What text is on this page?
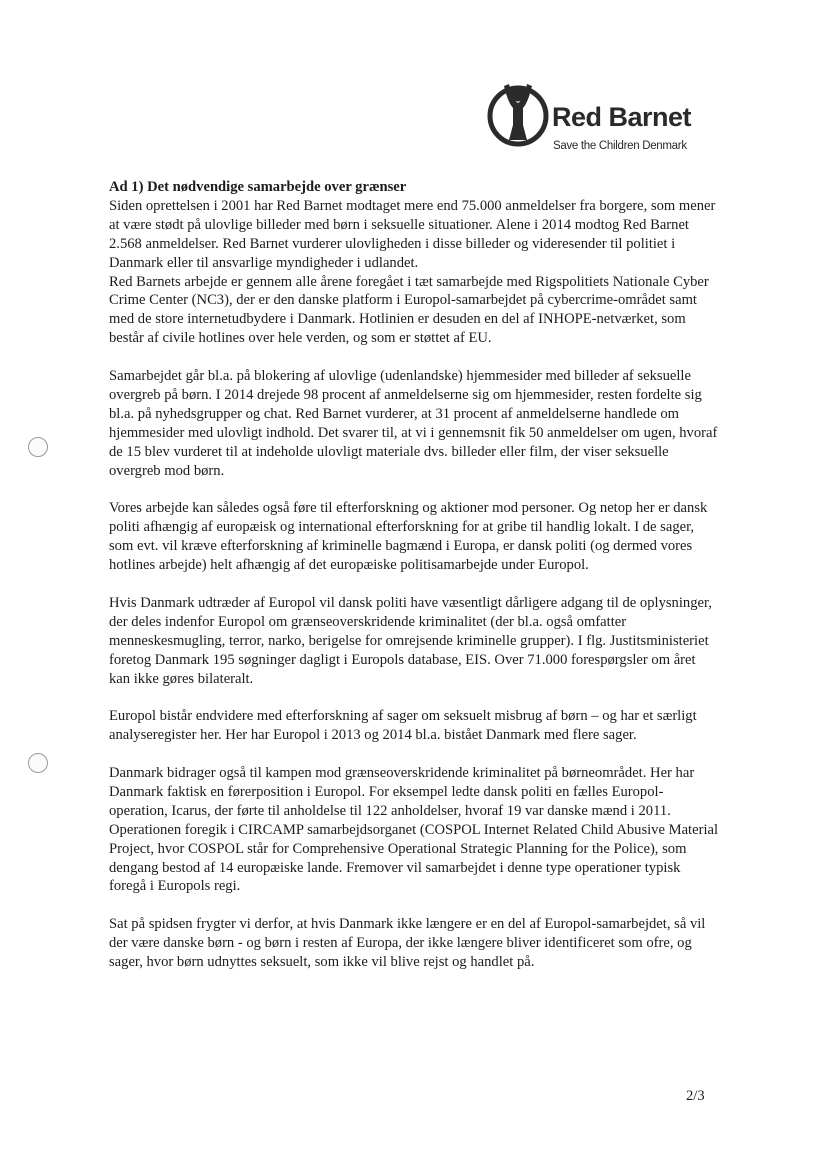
Red Barnet
Save the Children Denmark
Ad 1) Det nødvendige samarbejde over grænser

Siden oprettelsen i 2001 har Red Barnet modtaget mere end 75.000 anmeldelser fra borgere, som mener at være stødt på ulovlige billeder med børn i seksuelle situationer. Alene i 2014 modtog Red Barnet 2.568 anmeldelser. Red Barnet vurderer ulovligheden i disse billeder og videresender til politiet i Danmark eller til ansvarlige myndigheder i udlandet.

Red Barnets arbejde er gennem alle årene foregået i tæt samarbejde med Rigspolitiets Nationale Cyber Crime Center (NC3), der er den danske platform i Europol-samarbejdet på cybercrime-området samt med de store internetudbydere i Danmark. Hotlinien er desuden en del af INHOPE-netværket, som består af civile hotlines over hele verden, og som er støttet af EU.

Samarbejdet går bl.a. på blokering af ulovlige (udenlandske) hjemmesider med billeder af seksuelle overgreb på børn. I 2014 drejede 98 procent af anmeldelserne sig om hjemmesider, resten fordelte sig bl.a. på nyhedsgrupper og chat. Red Barnet vurderer, at 31 procent af anmeldelserne handlede om hjemmesider med ulovligt indhold. Det svarer til, at vi i gennemsnit fik 50 anmeldelser om ugen, hvoraf de 15 blev vurderet til at indeholde ulovligt materiale dvs. billeder eller film, der viser seksuelle overgreb mod børn.

Vores arbejde kan således også føre til efterforskning og aktioner mod personer. Og netop her er dansk politi afhængig af europæisk og international efterforskning for at gribe til handlig lokalt. I de sager, som evt. vil kræve efterforskning af kriminelle bagmænd i Europa, er dansk politi (og dermed vores hotlines arbejde) helt afhængig af det europæiske politisamarbejde under Europol.

Hvis Danmark udtræder af Europol vil dansk politi have væsentligt dårligere adgang til de oplysninger, der deles indenfor Europol om grænseoverskridende kriminalitet (der bl.a. også omfatter menneskesmugling, terror, narko, berigelse for omrejsende kriminelle grupper). I flg. Justitsministeriet foretog Danmark 195 søgninger dagligt i Europols database, EIS. Over 71.000 forespørgsler om året kan ikke gøres bilateralt.

Europol bistår endvidere med efterforskning af sager om seksuelt misbrug af børn – og har et særligt analyseregister her. Her har Europol i 2013 og 2014 bl.a. bistået Danmark med flere sager.

Danmark bidrager også til kampen mod grænseoverskridende kriminalitet på børneområdet. Her har Danmark faktisk en førerposition i Europol. For eksempel ledte dansk politi en fælles Europol-operation, Icarus, der førte til anholdelse til 122 anholdelser, hvoraf 19 var danske mænd i 2011. Operationen foregik i CIRCAMP samarbejdsorganet (COSPOL Internet Related Child Abusive Material Project, hvor COSPOL står for Comprehensive Operational Strategic Planning for the Police), som dengang bestod af 14 europæiske lande. Fremover vil samarbejdet i denne type operationer typisk foregå i Europols regi.

Sat på spidsen frygter vi derfor, at hvis Danmark ikke længere er en del af Europol-samarbejdet, så vil der være danske børn - og børn i resten af Europa, der ikke længere bliver identificeret som ofre, og sager, hvor børn udnyttes seksuelt, som ikke vil blive rejst og handlet på.

2/3
